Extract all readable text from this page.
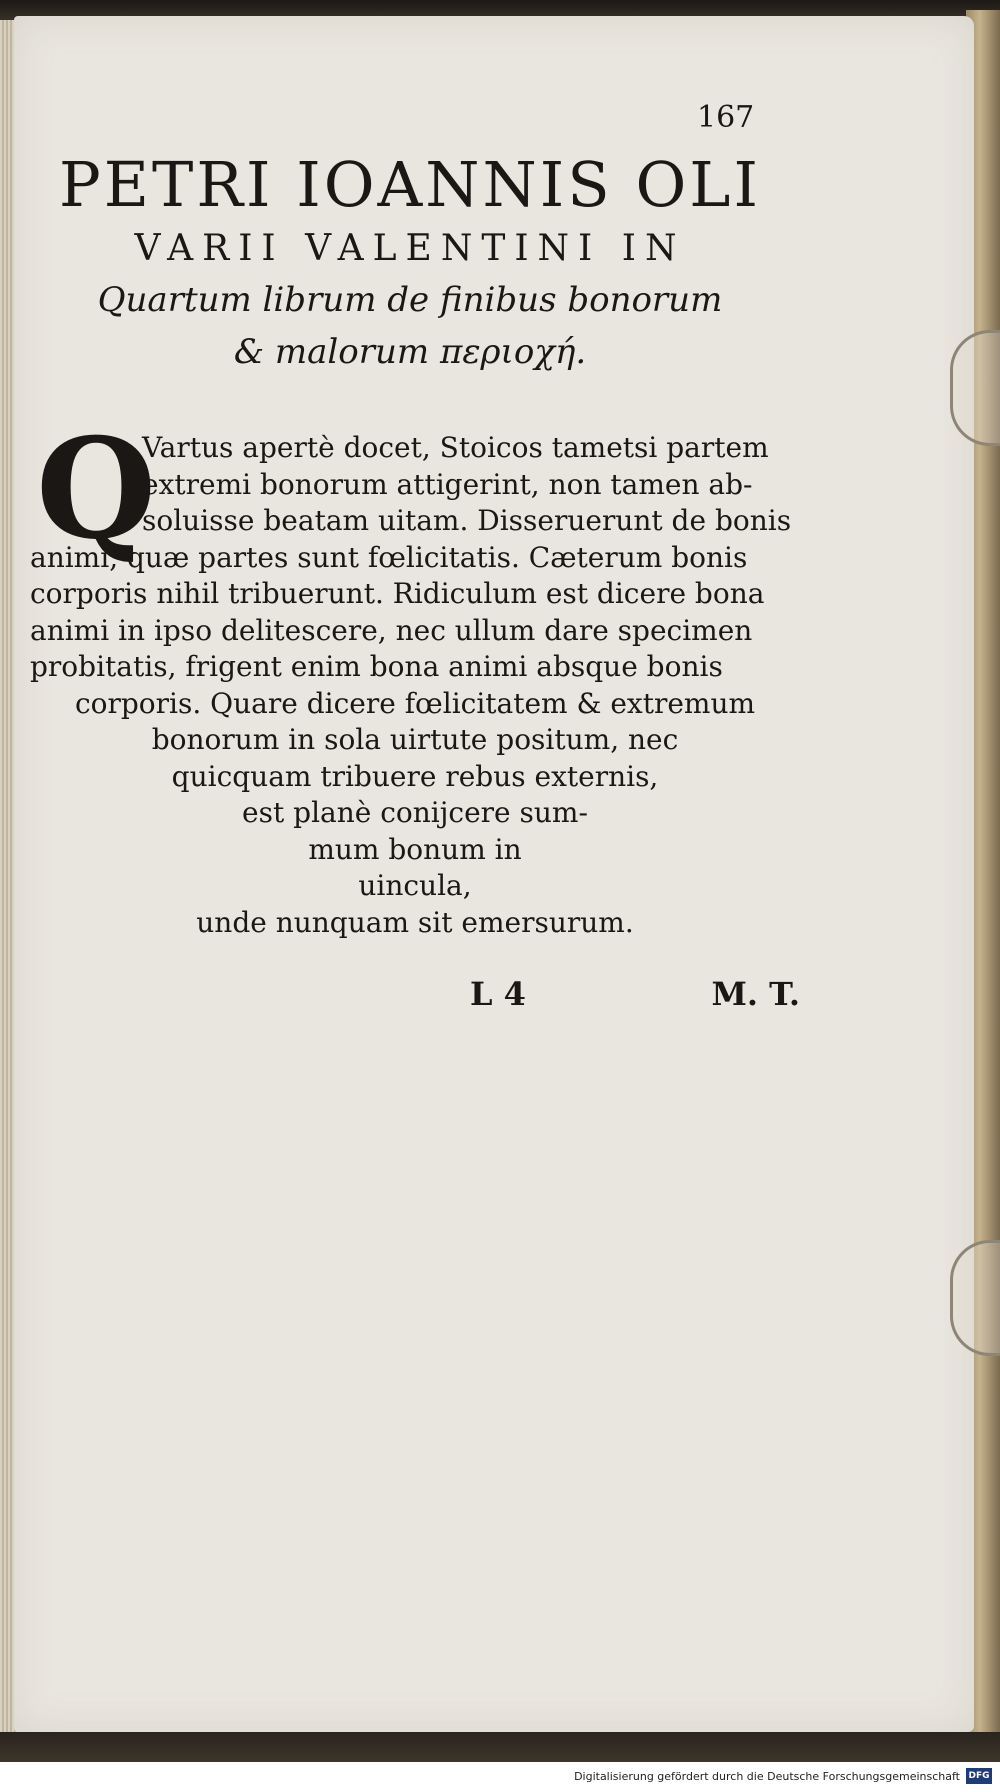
167
PETRI IOANNIS OLI
VARII VALENTINI IN
Quartum librum de finibus bonorum
& malorum περιοχή.
Q
Vartus apertè docet, Stoicos tametsi partem
extremi bonorum attigerint, non tamen ab-
soluisse beatam uitam. Disseruerunt de bonis
animi, quæ partes sunt fœlicitatis. Cæterum bonis
corporis nihil tribuerunt. Ridiculum est dicere bona
animi in ipso delitescere, nec ullum dare specimen
probitatis, frigent enim bona animi absque bonis
corporis. Quare dicere fœlicitatem & extremum
bonorum in sola uirtute positum, nec
quicquam tribuere rebus externis,
est planè conijcere sum-
mum bonum in
uincula,
unde nunquam sit emersurum.
L 4	M. T.
Digitalisierung gefördert durch die Deutsche Forschungsgemeinschaft DFG
